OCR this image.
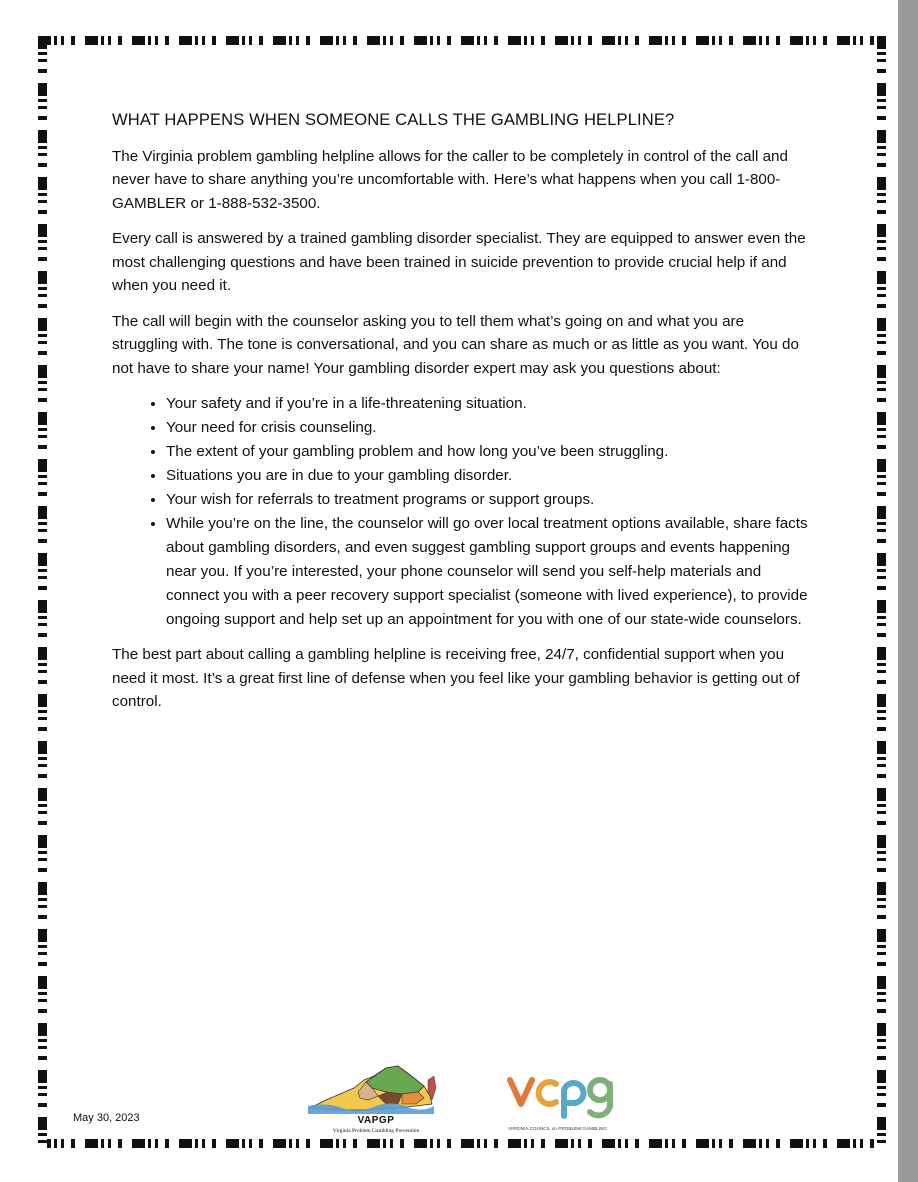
WHAT HAPPENS WHEN SOMEONE CALLS THE GAMBLING HELPLINE?

The Virginia problem gambling helpline allows for the caller to be completely in control of the call and never have to share anything you’re uncomfortable with. Here’s what happens when you call 1-800-GAMBLER or 1-888-532-3500.

Every call is answered by a trained gambling disorder specialist. They are equipped to answer even the most challenging questions and have been trained in suicide prevention to provide crucial help if and when you need it.

The call will begin with the counselor asking you to tell them what’s going on and what you are struggling with. The tone is conversational, and you can share as much or as little as you want. You do not have to share your name! Your gambling disorder expert may ask you questions about:

• Your safety and if you’re in a life-threatening situation.
• Your need for crisis counseling.
• The extent of your gambling problem and how long you’ve been struggling.
• Situations you are in due to your gambling disorder.
• Your wish for referrals to treatment programs or support groups.
• While you’re on the line, the counselor will go over local treatment options available, share facts about gambling disorders, and even suggest gambling support groups and events happening near you. If you’re interested, your phone counselor will send you self-help materials and connect you with a peer recovery support specialist (someone with lived experience), to provide ongoing support and help set up an appointment for you with one of our state-wide counselors.

The best part about calling a gambling helpline is receiving free, 24/7, confidential support when you need it most. It’s a great first line of defense when you feel like your gambling behavior is getting out of control.

May 30, 2023	VAPGP
Virginia Problem Gambling Prevention	VIRGINIA COUNCIL on PROBLEM GAMBLING
